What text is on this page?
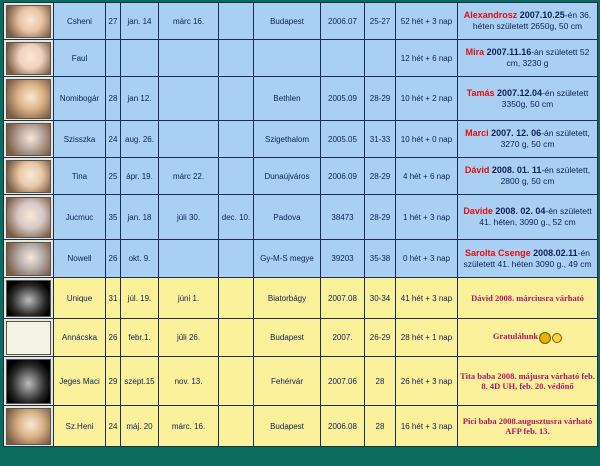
	Csheni	27	jan. 14	márc 16.		Budapest	2006.07	25-27	52 hét + 3 nap	Alexandrosz 2007.10.25-én 36. héten született 2650g, 50 cm

	Faul								12 hét + 6 nap	Mira 2007.11.16-án született 52 cm, 3230 g

	Nomibogár	28	jan 12.			Bethlen	2005.09	28-29	10 hét + 2 nap	Tamás 2007.12.04-én született 3350g, 50 cm

	Szisszka	24	aug. 26.			Szigethalom	2005.05	31-33	10 hét + 0 nap	Marci 2007. 12. 06-án született, 3270 g, 50 cm

	Tina	25	ápr. 19.	márc 22.		Dunaújváros	2006.09	28-29	4 hét + 6 nap	Dávid 2008. 01. 11-én született, 2800 g, 50 cm

	Jucmuc	35	jan. 18	júli 30.	dec. 10.	Padova	38473	28-29	1 hét + 3 nap	Davide 2008. 02. 04-én született 41. héten, 3090 g., 52 cm

	Nowell	26	okt. 9.			Gy-M-S megye	39203	35-38	0 hét + 3 nap	Sarolta Csenge 2008.02.11-én született 41. héten 3090 g., 49 cm

	Unique	31	júl. 19.	júni 1.		Biatorbágy	2007.08	30-34	41 hét + 3 nap	Dávid 2008. márciusra várható

	Annácska	26	febr.1.	júli 26.		Budapest	2007.	26-29	28 hét + 1 nap	Gratulálunk

	Jeges Maci	29	szept.15	nov. 13.		Fehérvár	2007.06	28	26 hét + 3 nap	Tita baba 2008. májusra várható feb. 8. 4D UH, feb. 20. védőnő

	Sz.Heni	24	máj. 20	márc. 16.		Budapest	2006.08	28	16 hét + 3 nap	Pici baba 2008.augusztusra várható AFP feb. 13.
